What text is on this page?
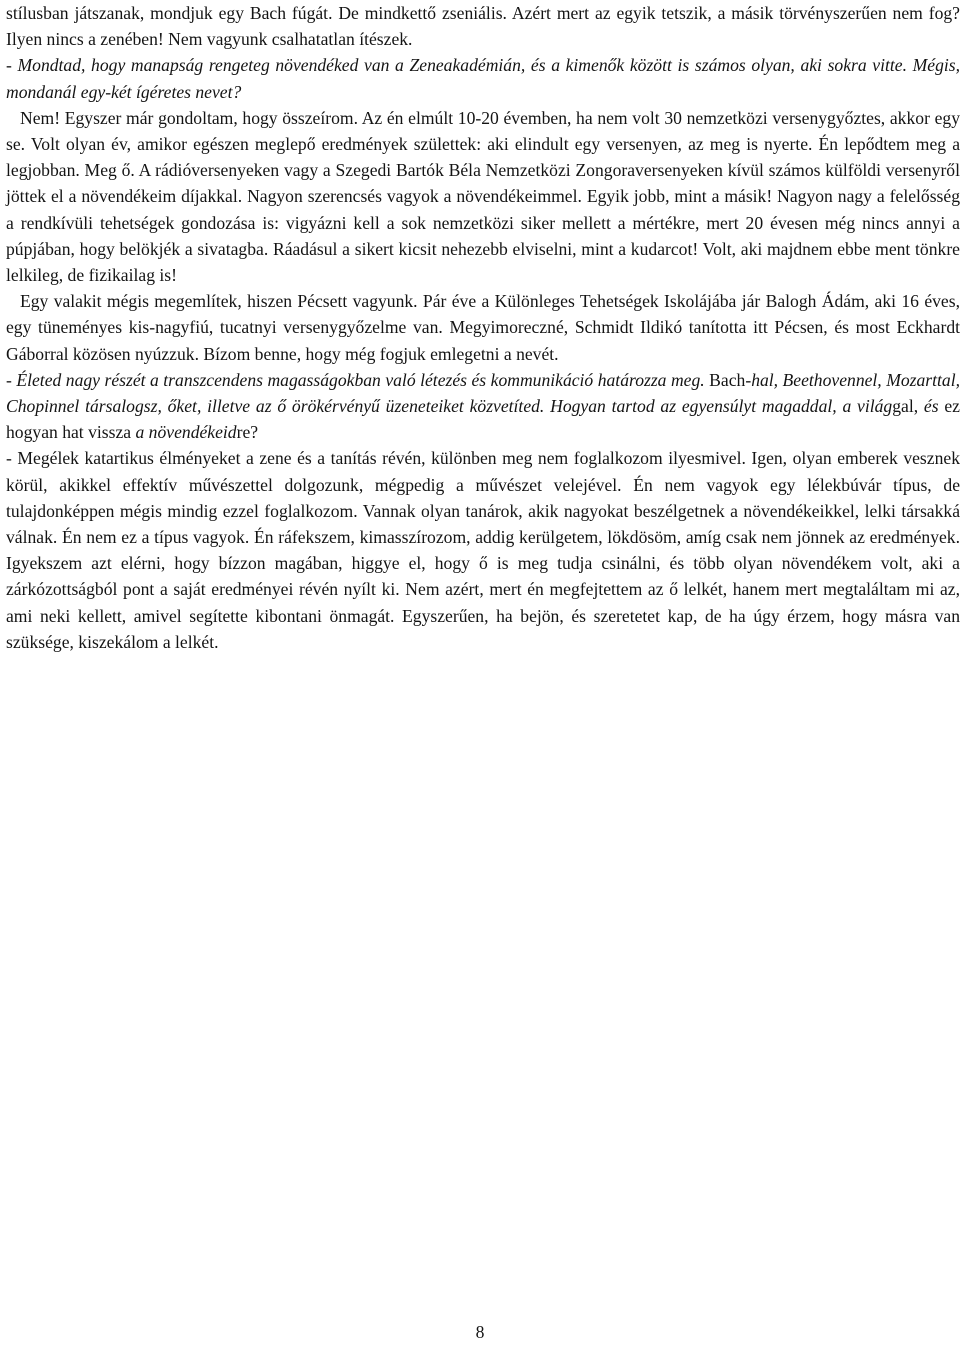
stílusban játszanak, mondjuk egy Bach fúgát. De mindkettő zseniális. Azért mert az egyik tetszik, a másik törvényszerűen nem fog? Ilyen nincs a zenében! Nem vagyunk csalhatatlan ítészek.

- Mondtad, hogy manapság rengeteg növendéked van a Zeneakadémián, és a kimenők között is számos olyan, aki sokra vitte. Mégis, mondanál egy-két ígéretes nevet?

Nem! Egyszer már gondoltam, hogy összeírom. Az én elmúlt 10-20 évemben, ha nem volt 30 nemzetközi versenygyőztes, akkor egy se. Volt olyan év, amikor egészen meglepő eredmények születtek: aki elindult egy versenyen, az meg is nyerte. Én lepődtem meg a legjobban. Meg ő. A rádióversenyeken vagy a Szegedi Bartók Béla Nemzetközi Zongoraversenyeken kívül számos külföldi versenyről jöttek el a növendékeim díjakkal. Nagyon szerencsés vagyok a növendékeimmel. Egyik jobb, mint a másik! Nagyon nagy a felelősség a rendkívüli tehetségek gondozása is: vigyázni kell a sok nemzetközi siker mellett a mértékre, mert 20 évesen még nincs annyi a púpjában, hogy belökjék a sivatagba. Ráadásul a sikert kicsit nehezebb elviselni, mint a kudarcot! Volt, aki majdnem ebbe ment tönkre lelkileg, de fizikailag is!

Egy valakit mégis megemlítek, hiszen Pécsett vagyunk. Pár éve a Különleges Tehetségek Iskolájába jár Balogh Ádám, aki 16 éves, egy tüneményes kis-nagyfiú, tucatnyi versenygyőzelme van. Megyimoreczné, Schmidt Ildikó tanította itt Pécsen, és most Eckhardt Gáborral közösen nyúzzuk. Bízom benne, hogy még fogjuk emlegetni a nevét.

- Életed nagy részét a transzcendens magasságokban való létezés és kommunikáció határozza meg. Bach-hal, Beethovennel, Mozarttal, Chopinnel társalogsz, őket, illetve az ő örökérvényű üzeneteiket közvetíted. Hogyan tartod az egyensúlyt magaddal, a világgal, és ez hogyan hat vissza a növendékeidre?

- Megélek katartikus élményeket a zene és a tanítás révén, különben meg nem foglalkozom ilyesmivel. Igen, olyan emberek vesznek körül, akikkel effektív művészettel dolgozunk, mégpedig a művészet velejével. Én nem vagyok egy lélekbúvár típus, de tulajdonképpen mégis mindig ezzel foglalkozom. Vannak olyan tanárok, akik nagyokat beszélgetnek a növendékeikkel, lelki társakká válnak. Én nem ez a típus vagyok. Én ráfekszem, kimasszírozom, addig kerülgetem, lökdösöm, amíg csak nem jönnek az eredmények. Igyekszem azt elérni, hogy bízzon magában, higgye el, hogy ő is meg tudja csinálni, és több olyan növendékem volt, aki a zárkózottságból pont a saját eredményei révén nyílt ki. Nem azért, mert én megfejtettem az ő lelkét, hanem mert megtaláltam mi az, ami neki kellett, amivel segítette kibontani önmagát. Egyszerűen, ha bejön, és szeretetet kap, de ha úgy érzem, hogy másra van szüksége, kiszekálom a lelkét.

8
